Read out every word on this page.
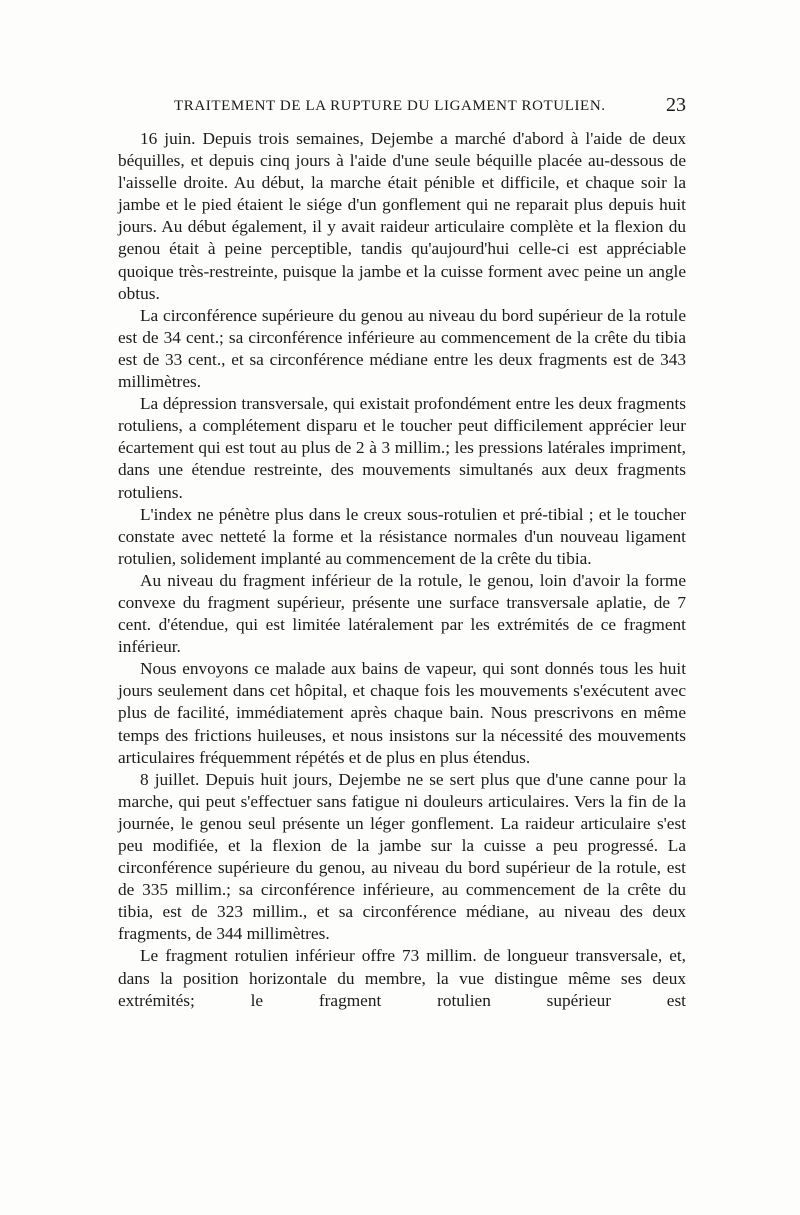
TRAITEMENT DE LA RUPTURE DU LIGAMENT ROTULIEN.	23

16 juin. Depuis trois semaines, Dejembe a marché d'abord à l'aide de deux béquilles, et depuis cinq jours à l'aide d'une seule béquille placée au-dessous de l'aisselle droite. Au début, la marche était pénible et difficile, et chaque soir la jambe et le pied étaient le siége d'un gonflement qui ne reparait plus depuis huit jours. Au début également, il y avait raideur articulaire complète et la flexion du genou était à peine perceptible, tandis qu'aujourd'hui celle-ci est appréciable quoique très-restreinte, puisque la jambe et la cuisse forment avec peine un angle obtus.

La circonférence supérieure du genou au niveau du bord supérieur de la rotule est de 34 cent.; sa circonférence inférieure au commencement de la crête du tibia est de 33 cent., et sa circonférence médiane entre les deux fragments est de 343 millimètres.

La dépression transversale, qui existait profondément entre les deux fragments rotuliens, a complétement disparu et le toucher peut difficilement apprécier leur écartement qui est tout au plus de 2 à 3 millim.; les pressions latérales impriment, dans une étendue restreinte, des mouvements simultanés aux deux fragments rotuliens.

L'index ne pénètre plus dans le creux sous-rotulien et pré-tibial ; et le toucher constate avec netteté la forme et la résistance normales d'un nouveau ligament rotulien, solidement implanté au commencement de la crête du tibia.

Au niveau du fragment inférieur de la rotule, le genou, loin d'avoir la forme convexe du fragment supérieur, présente une surface transversale aplatie, de 7 cent. d'étendue, qui est limitée latéralement par les extrémités de ce fragment inférieur.

Nous envoyons ce malade aux bains de vapeur, qui sont donnés tous les huit jours seulement dans cet hôpital, et chaque fois les mouvements s'exécutent avec plus de facilité, immédiatement après chaque bain. Nous prescrivons en même temps des frictions huileuses, et nous insistons sur la nécessité des mouvements articulaires fréquemment répétés et de plus en plus étendus.

8 juillet. Depuis huit jours, Dejembe ne se sert plus que d'une canne pour la marche, qui peut s'effectuer sans fatigue ni douleurs articulaires. Vers la fin de la journée, le genou seul présente un léger gonflement. La raideur articulaire s'est peu modifiée, et la flexion de la jambe sur la cuisse a peu progressé. La circonférence supérieure du genou, au niveau du bord supérieur de la rotule, est de 335 millim.; sa circonférence inférieure, au commencement de la crête du tibia, est de 323 millim., et sa circonférence médiane, au niveau des deux fragments, de 344 millimètres.

Le fragment rotulien inférieur offre 73 millim. de longueur transversale, et, dans la position horizontale du membre, la vue distingue même ses deux extrémités; le fragment rotulien supérieur est
